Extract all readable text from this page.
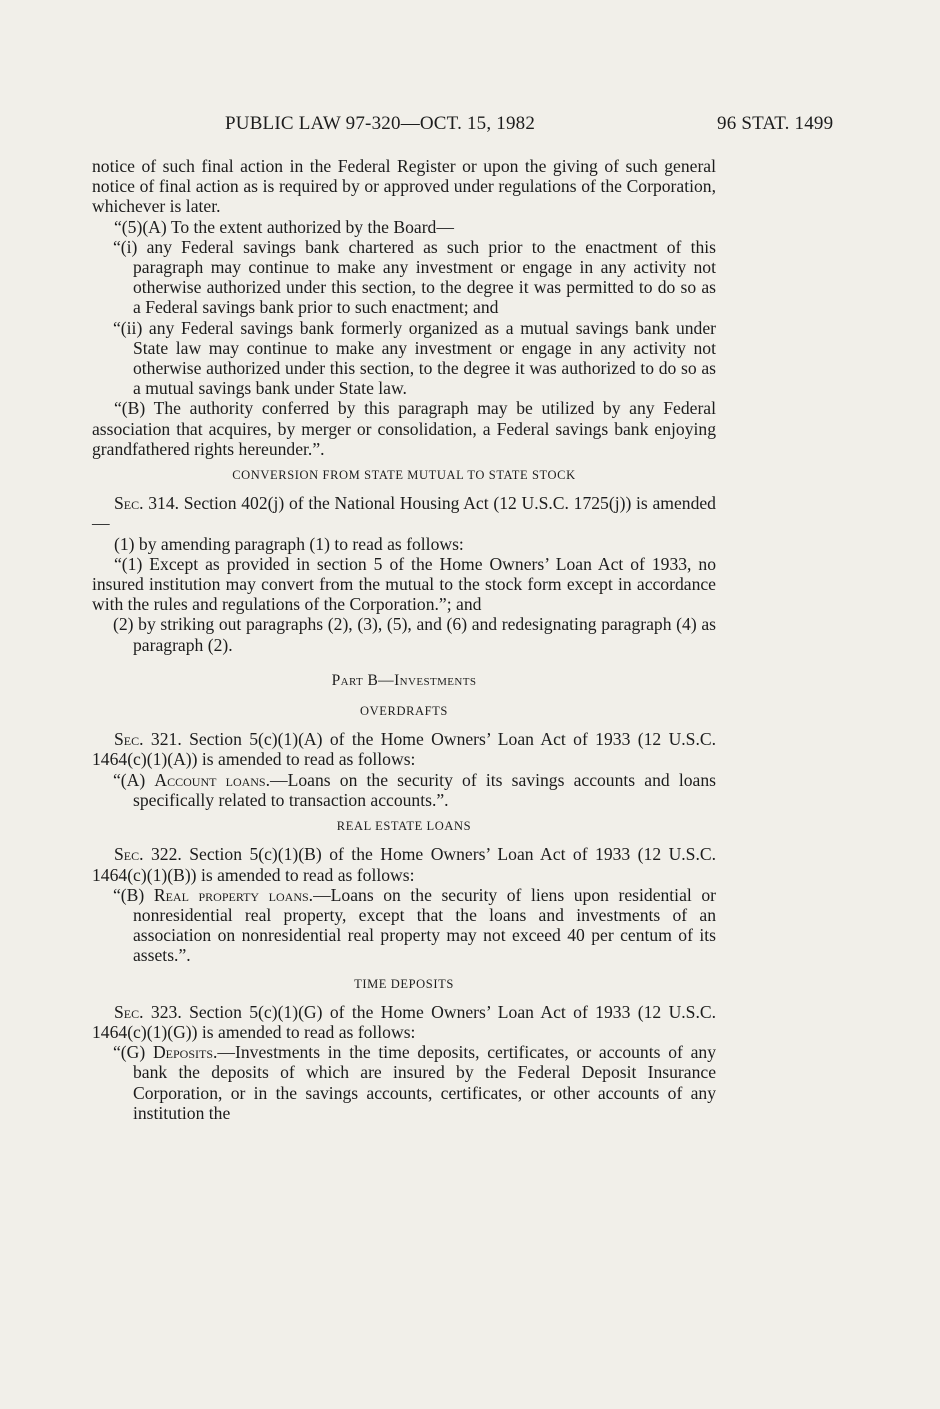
PUBLIC LAW 97-320—OCT. 15, 1982	96 STAT. 1499

notice of such final action in the Federal Register or upon the giving of such general notice of final action as is required by or approved under regulations of the Corporation, whichever is later.

“(5)(A) To the extent authorized by the Board—

“(i) any Federal savings bank chartered as such prior to the enactment of this paragraph may continue to make any investment or engage in any activity not otherwise authorized under this section, to the degree it was permitted to do so as a Federal savings bank prior to such enactment; and

“(ii) any Federal savings bank formerly organized as a mutual savings bank under State law may continue to make any investment or engage in any activity not otherwise authorized under this section, to the degree it was authorized to do so as a mutual savings bank under State law.

“(B) The authority conferred by this paragraph may be utilized by any Federal association that acquires, by merger or consolidation, a Federal savings bank enjoying grandfathered rights hereunder.”.

CONVERSION FROM STATE MUTUAL TO STATE STOCK

Sec. 314. Section 402(j) of the National Housing Act (12 U.S.C. 1725(j)) is amended—

(1) by amending paragraph (1) to read as follows:

“(1) Except as provided in section 5 of the Home Owners’ Loan Act of 1933, no insured institution may convert from the mutual to the stock form except in accordance with the rules and regulations of the Corporation.”; and

(2) by striking out paragraphs (2), (3), (5), and (6) and redesignating paragraph (4) as paragraph (2).

Part B—Investments

OVERDRAFTS

Sec. 321. Section 5(c)(1)(A) of the Home Owners’ Loan Act of 1933 (12 U.S.C. 1464(c)(1)(A)) is amended to read as follows:

“(A) Account loans.—Loans on the security of its savings accounts and loans specifically related to transaction accounts.”.

REAL ESTATE LOANS

Sec. 322. Section 5(c)(1)(B) of the Home Owners’ Loan Act of 1933 (12 U.S.C. 1464(c)(1)(B)) is amended to read as follows:

“(B) Real property loans.—Loans on the security of liens upon residential or nonresidential real property, except that the loans and investments of an association on nonresidential real property may not exceed 40 per centum of its assets.”.

TIME DEPOSITS

Sec. 323. Section 5(c)(1)(G) of the Home Owners’ Loan Act of 1933 (12 U.S.C. 1464(c)(1)(G)) is amended to read as follows:

“(G) Deposits.—Investments in the time deposits, certificates, or accounts of any bank the deposits of which are insured by the Federal Deposit Insurance Corporation, or in the savings accounts, certificates, or other accounts of any institution the
